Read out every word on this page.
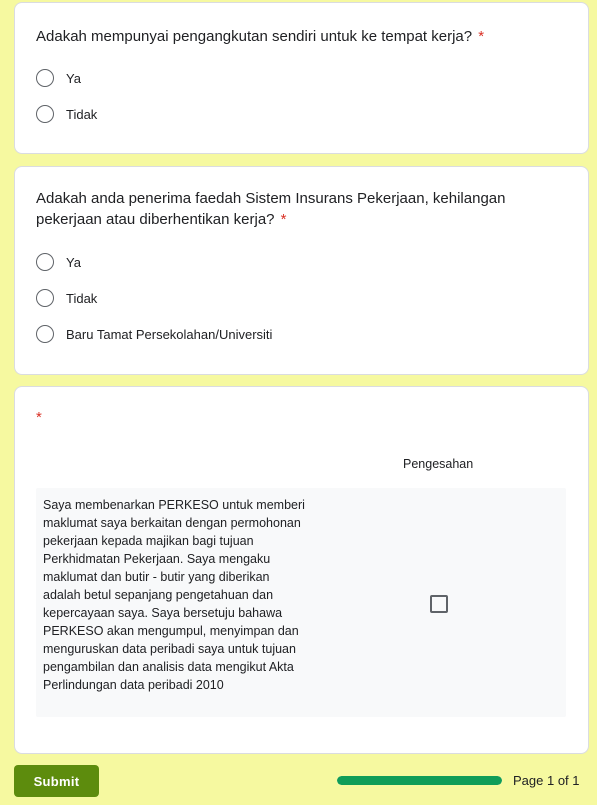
Adakah mempunyai pengangkutan sendiri untuk ke tempat kerja? *
Ya
Tidak
Adakah anda penerima faedah Sistem Insurans Pekerjaan, kehilangan pekerjaan atau diberhentikan kerja? *
Ya
Tidak
Baru Tamat Persekolahan/Universiti
*
Pengesahan
Saya membenarkan PERKESO untuk memberi maklumat saya berkaitan dengan permohonan pekerjaan kepada majikan bagi tujuan Perkhidmatan Pekerjaan. Saya mengaku maklumat dan butir - butir yang diberikan adalah betul sepanjang pengetahuan dan kepercayaan saya. Saya bersetuju bahawa PERKESO akan mengumpul, menyimpan dan menguruskan data peribadi saya untuk tujuan pengambilan dan analisis data mengikut Akta Perlindungan data peribadi 2010
Submit	Page 1 of 1
